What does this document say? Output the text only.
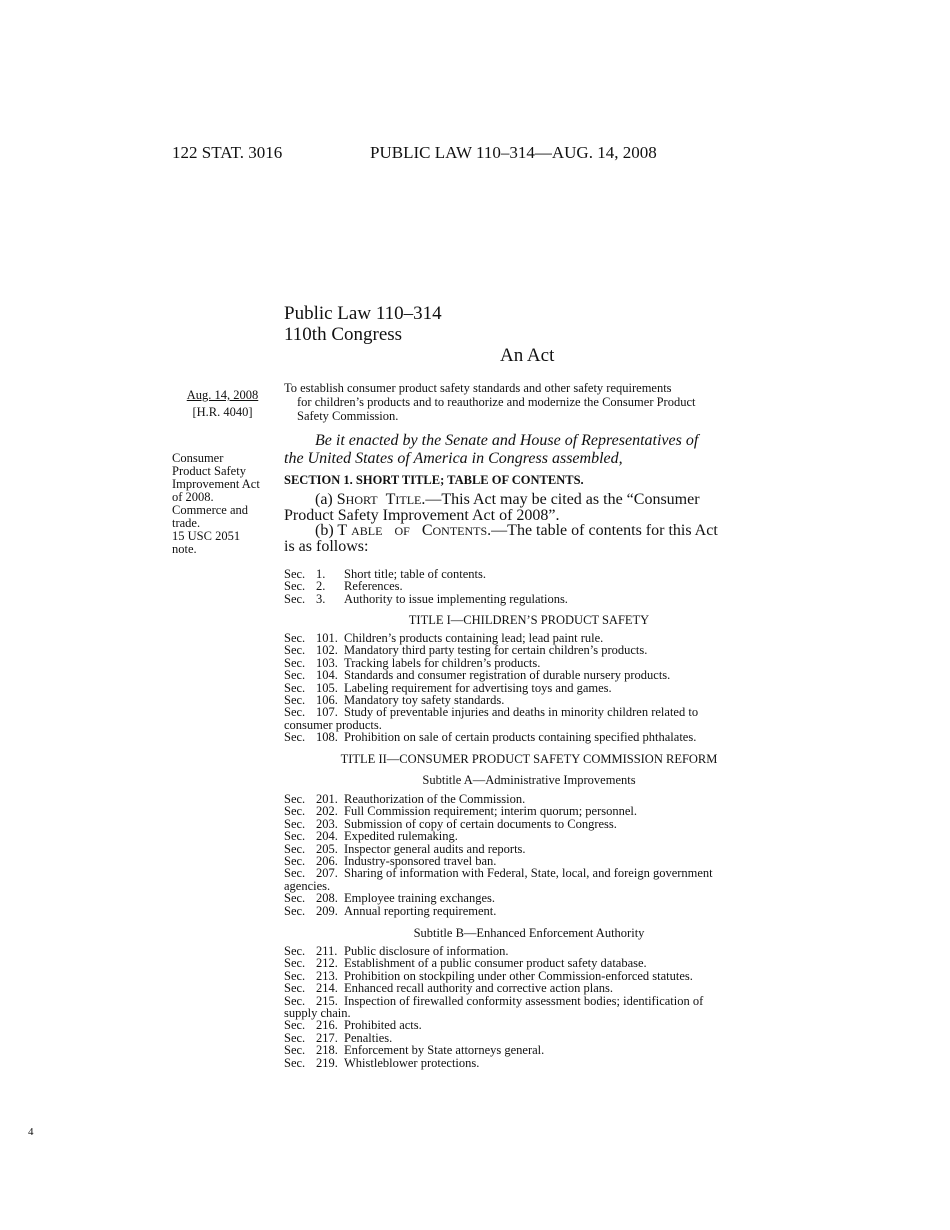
122 STAT. 3016	PUBLIC LAW 110–314—AUG. 14, 2008
Public Law 110–314
110th Congress
An Act
Aug. 14, 2008
[H.R. 4040]
Consumer
Product Safety
Improvement Act
of 2008.
Commerce and
trade.
15 USC 2051
note.
To establish consumer product safety standards and other safety requirements
for children’s products and to reauthorize and modernize the Consumer Product
Safety Commission.
Be it enacted by the Senate and House of Representatives of
the United States of America in Congress assembled,
SECTION 1. SHORT TITLE; TABLE OF CONTENTS.
(a) SHORT TITLE.—This Act may be cited as the “Consumer
Product Safety Improvement Act of 2008”.
(b) T ABLE OF CONTENTS.—The table of contents for this Act
is as follows:
Sec. 1. Short title; table of contents.
Sec. 2. References.
Sec. 3. Authority to issue implementing regulations.
TITLE I—CHILDREN’S PRODUCT SAFETY
Sec. 101. Children’s products containing lead; lead paint rule.
Sec. 102. Mandatory third party testing for certain children’s products.
Sec. 103. Tracking labels for children’s products.
Sec. 104. Standards and consumer registration of durable nursery products.
Sec. 105. Labeling requirement for advertising toys and games.
Sec. 106. Mandatory toy safety standards.
Sec. 107. Study of preventable injuries and deaths in minority children related to
consumer products.
Sec. 108. Prohibition on sale of certain products containing specified phthalates.
TITLE II—CONSUMER PRODUCT SAFETY COMMISSION REFORM
Subtitle A—Administrative Improvements
Sec. 201. Reauthorization of the Commission.
Sec. 202. Full Commission requirement; interim quorum; personnel.
Sec. 203. Submission of copy of certain documents to Congress.
Sec. 204. Expedited rulemaking.
Sec. 205. Inspector general audits and reports.
Sec. 206. Industry-sponsored travel ban.
Sec. 207. Sharing of information with Federal, State, local, and foreign government
agencies.
Sec. 208. Employee training exchanges.
Sec. 209. Annual reporting requirement.
Subtitle B—Enhanced Enforcement Authority
Sec. 211. Public disclosure of information.
Sec. 212. Establishment of a public consumer product safety database.
Sec. 213. Prohibition on stockpiling under other Commission-enforced statutes.
Sec. 214. Enhanced recall authority and corrective action plans.
Sec. 215. Inspection of firewalled conformity assessment bodies; identification of
supply chain.
Sec. 216. Prohibited acts.
Sec. 217. Penalties.
Sec. 218. Enforcement by State attorneys general.
Sec. 219. Whistleblower protections.
4
